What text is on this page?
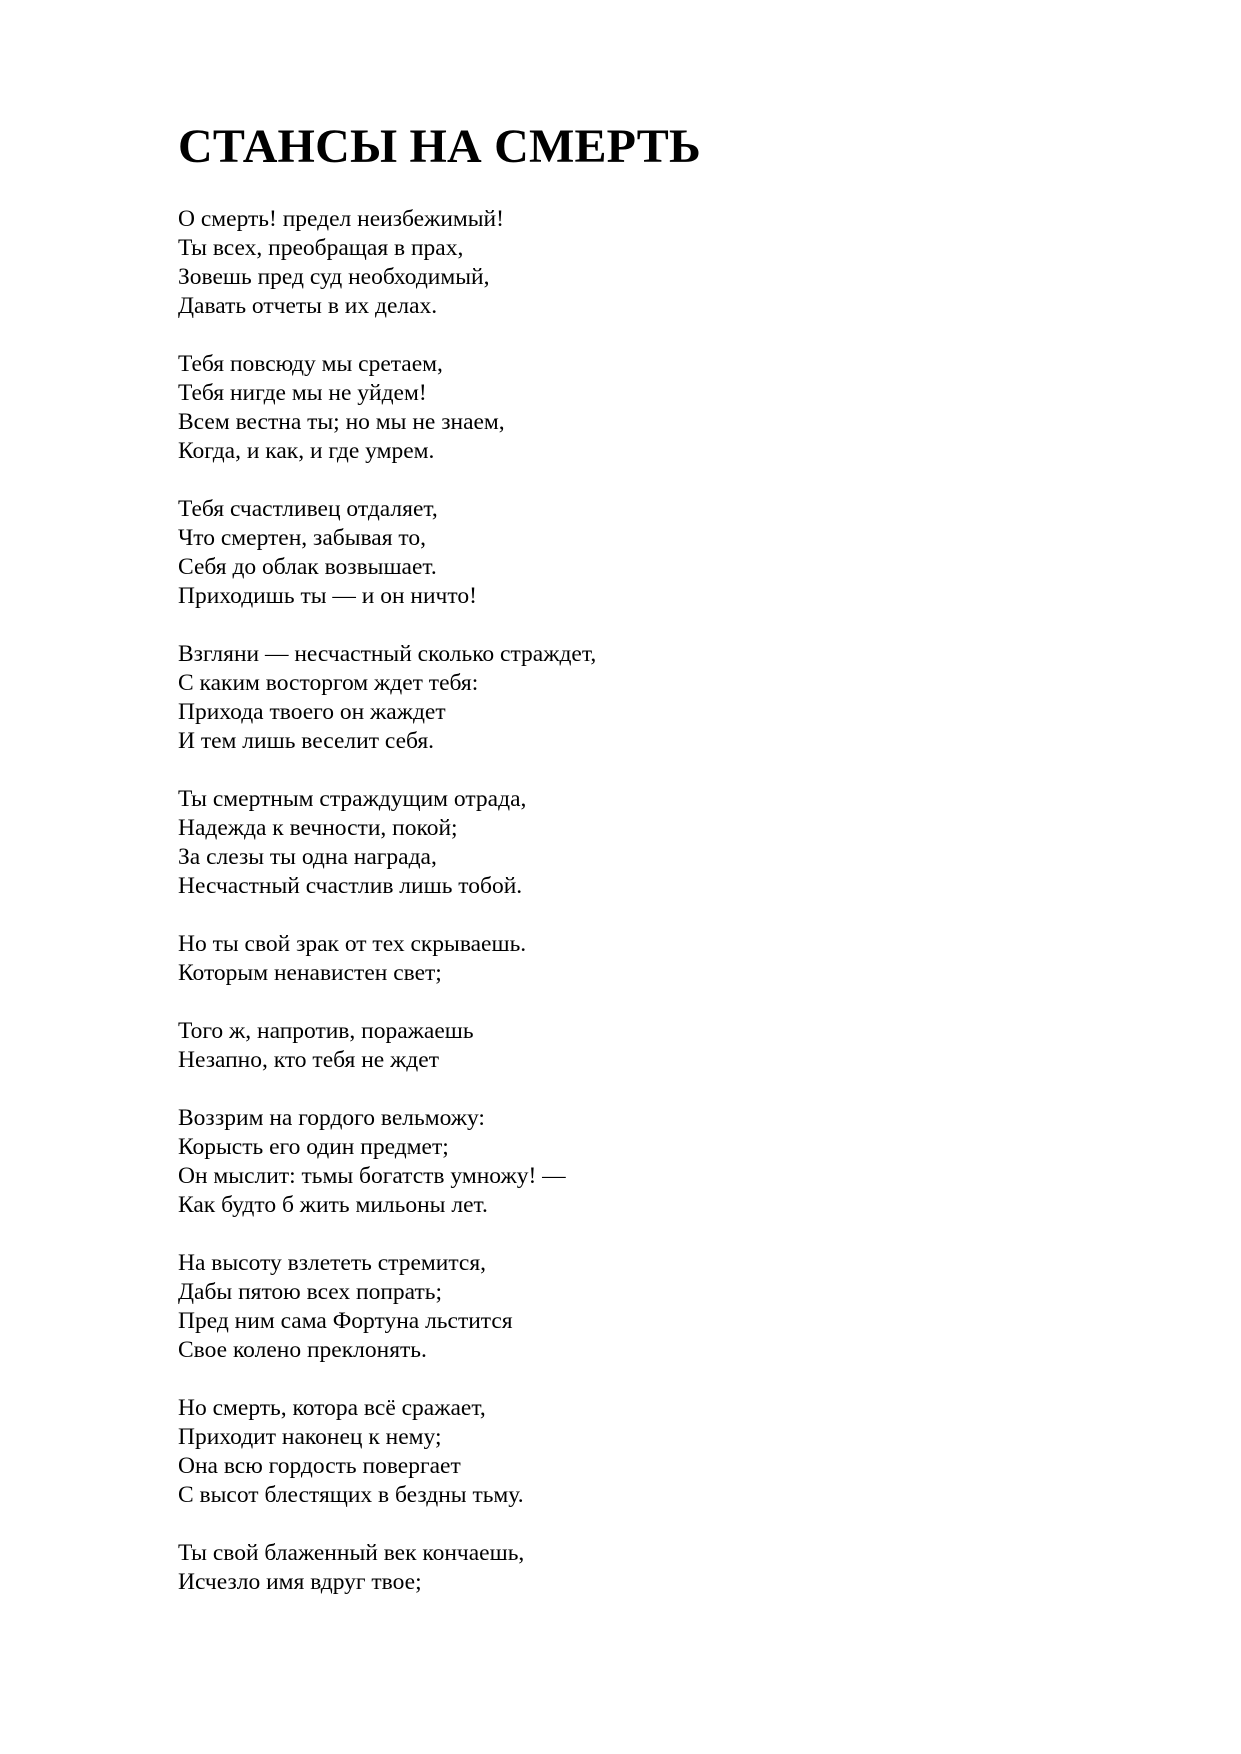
СТАНСЫ НА СМЕРТЬ
О смерть! предел неизбежимый!
Ты всех, преобращая в прах,
Зовешь пред суд необходимый,
Давать отчеты в их делах.
Тебя повсюду мы сретаем,
Тебя нигде мы не уйдем!
Всем вестна ты; но мы не знаем,
Когда, и как, и где умрем.
Тебя счастливец отдаляет,
Что смертен, забывая то,
Себя до облак возвышает.
Приходишь ты — и он ничто!
Взгляни — несчастный сколько страждет,
С каким восторгом ждет тебя:
Прихода твоего он жаждет
И тем лишь веселит себя.
Ты смертным страждущим отрада,
Надежда к вечности, покой;
За слезы ты одна награда,
Несчастный счастлив лишь тобой.
Но ты свой зрак от тех скрываешь.
Которым ненавистен свет;
Того ж, напротив, поражаешь
Незапно, кто тебя не ждет
Воззрим на гордого вельможу:
Корысть его один предмет;
Он мыслит: тьмы богатств умножу! —
Как будто б жить мильоны лет.
На высоту взлететь стремится,
Дабы пятою всех попрать;
Пред ним сама Фортуна льстится
Свое колено преклонять.
Но смерть, котора всё сражает,
Приходит наконец к нему;
Она всю гордость повергает
С высот блестящих в бездны тьму.
Ты свой блаженный век кончаешь,
Исчезло имя вдруг твое;
